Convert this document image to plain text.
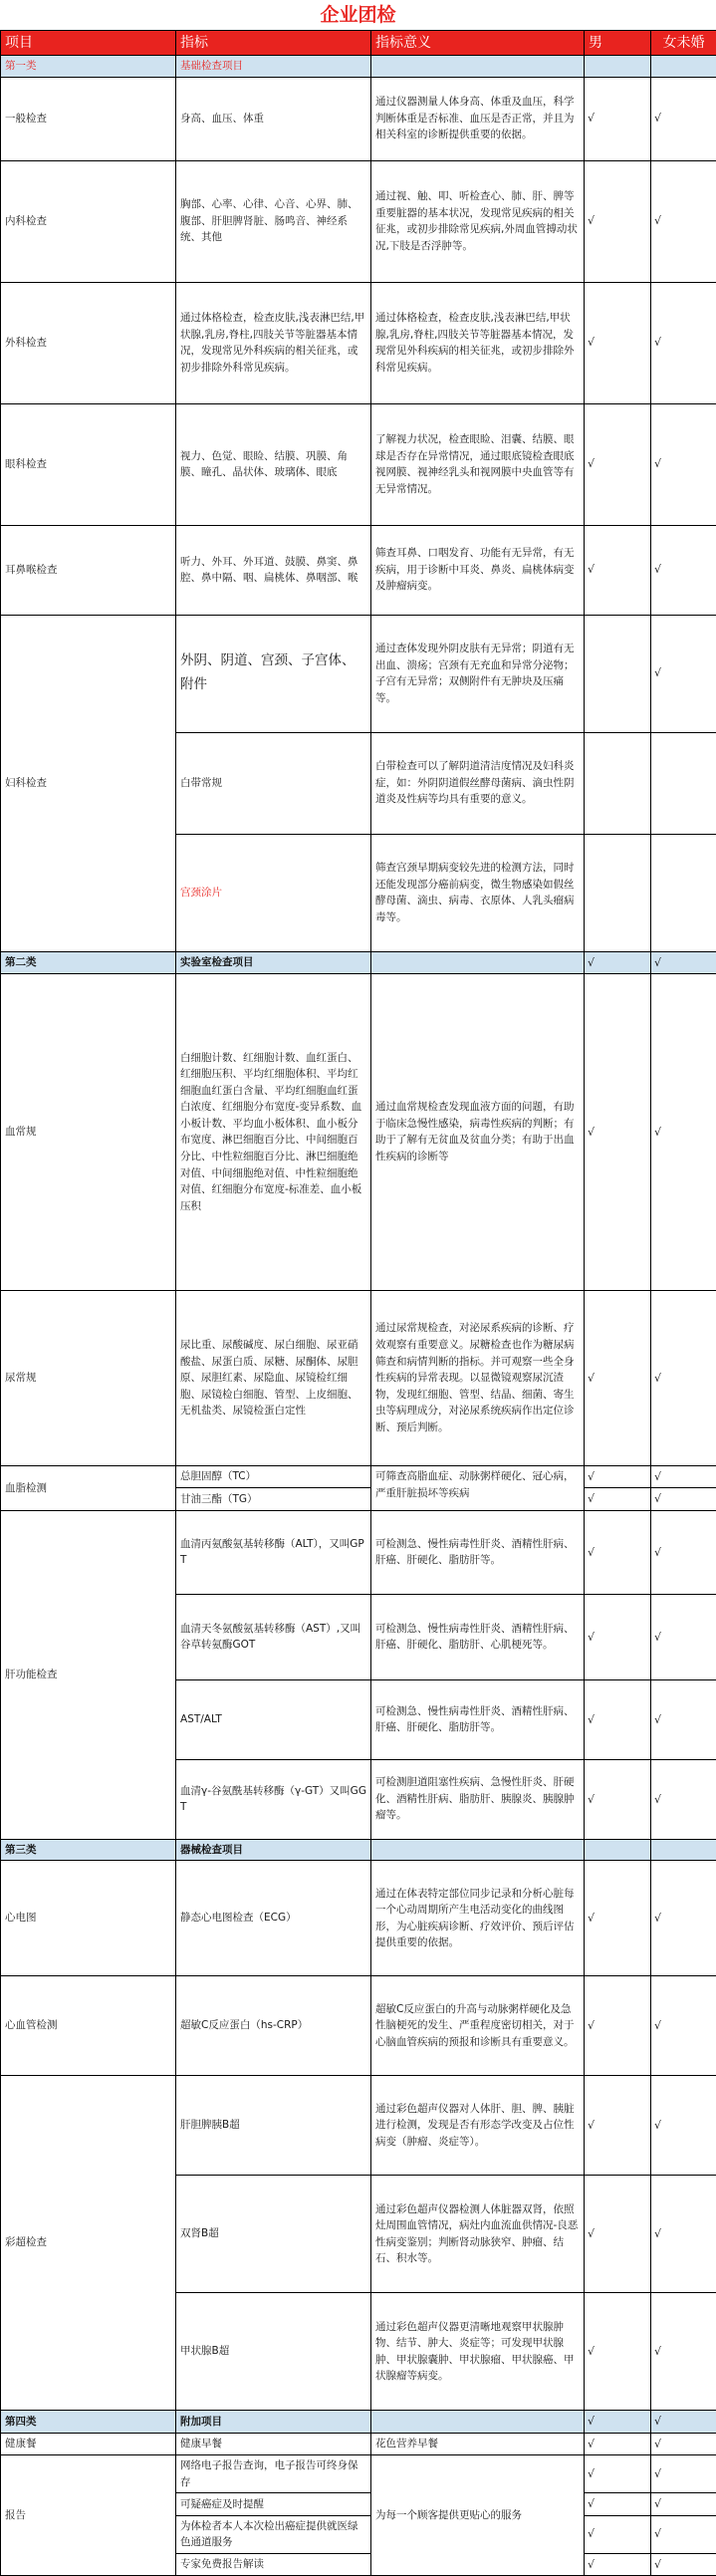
企业团检
项目	指标	指标意义	男	女未婚
第一类	基础检查项目			
一般检查	身高、血压、体重	通过仪器测量人体身高、体重及血压，科学判断体重是否标准、血压是否正常，并且为相关科室的诊断提供重要的依据。	√	√
内科检查	胸部、心率、心律、心音、心界、肺、腹部、肝胆脾肾脏、肠鸣音、神经系统、其他	通过视、触、叩、听检查心、肺、肝、脾等重要脏器的基本状况，发现常见疾病的相关征兆，或初步排除常见疾病,外周血管搏动状况,下肢是否浮肿等。	√	√
外科检查	通过体格检查，检查皮肤,浅表淋巴结,甲状腺,乳房,脊柱,四肢关节等脏器基本情况，发现常见外科疾病的相关征兆，或初步排除外科常见疾病。	通过体格检查，检查皮肤,浅表淋巴结,甲状腺,乳房,脊柱,四肢关节等脏器基本情况，发现常见外科疾病的相关征兆，或初步排除外科常见疾病。	√	√
眼科检查	视力、色觉、眼睑、结膜、巩膜、角膜、瞳孔、晶状体、玻璃体、眼底	了解视力状况，检查眼睑、泪囊、结膜、眼球是否存在异常情况，通过眼底镜检查眼底视网膜、视神经乳头和视网膜中央血管等有无异常情况。	√	√
耳鼻喉检查	听力、外耳、外耳道、鼓膜、鼻窦、鼻腔、鼻中隔、咽、扁桃体、鼻咽部、喉	筛查耳鼻、口咽发育、功能有无异常，有无疾病，用于诊断中耳炎、鼻炎、扁桃体病变及肿瘤病变。	√	√
妇科检查	外阴、阴道、宫颈、子宫体、附件	通过查体发现外阴皮肤有无异常；阴道有无出血、溃疡；宫颈有无充血和异常分泌物；子宫有无异常；双侧附件有无肿块及压痛等。		√
	白带常规	白带检查可以了解阴道清洁度情况及妇科炎症，如：外阴阴道假丝酵母菌病、滴虫性阴道炎及性病等均具有重要的意义。		
	宫颈涂片	筛查宫颈早期病变较先进的检测方法，同时还能发现部分癌前病变，微生物感染如假丝酵母菌、滴虫、病毒、衣原体、人乳头瘤病毒等。		
第二类	实验室检查项目		√	√
血常规	白细胞计数、红细胞计数、血红蛋白、红细胞压积、平均红细胞体积、平均红细胞血红蛋白含量、平均红细胞血红蛋白浓度、红细胞分布宽度-变异系数、血小板计数、平均血小板体积、血小板分布宽度、淋巴细胞百分比、中间细胞百分比、中性粒细胞百分比、淋巴细胞绝对值、中间细胞绝对值、中性粒细胞绝对值、红细胞分布宽度-标准差、血小板压积	通过血常规检查发现血液方面的问题，有助于临床急慢性感染，病毒性疾病的判断；有助于了解有无贫血及贫血分类；有助于出血性疾病的诊断等	√	√
尿常规	尿比重、尿酸碱度、尿白细胞、尿亚硝酸盐、尿蛋白质、尿糖、尿酮体、尿胆原、尿胆红素、尿隐血、尿镜检红细胞、尿镜检白细胞、管型、上皮细胞、无机盐类、尿镜检蛋白定性	通过尿常规检查，对泌尿系疾病的诊断、疗效观察有重要意义。尿糖检查也作为糖尿病筛查和病情判断的指标。并可观察一些全身性疾病的异常表现。以显微镜观察尿沉渣物，发现红细胞、管型、结晶、细菌、寄生虫等病理成分，对泌尿系统疾病作出定位诊断、预后判断。	√	√
血脂检测	总胆固醇（TC）	可筛查高脂血症、动脉粥样硬化、冠心病，严重肝脏损坏等疾病	√	√
	甘油三酯（TG）		√	√
肝功能检查	血清丙氨酸氨基转移酶（ALT），又叫GPT	可检测急、慢性病毒性肝炎、酒精性肝病、肝癌、肝硬化、脂肪肝等。	√	√
	血清天冬氨酸氨基转移酶（AST）,又叫谷草转氨酶GOT	可检测急、慢性病毒性肝炎、酒精性肝病、肝癌、肝硬化、脂肪肝、心肌梗死等。	√	√
	AST/ALT	可检测急、慢性病毒性肝炎、酒精性肝病、肝癌、肝硬化、脂肪肝等。	√	√
	血清γ-谷氨酰基转移酶（γ-GT）又叫GGT	可检测胆道阻塞性疾病、急慢性肝炎、肝硬化、酒精性肝病、脂肪肝、胰腺炎、胰腺肿瘤等。	√	√
第三类	器械检查项目			
心电图	静态心电图检查（ECG）	通过在体表特定部位同步记录和分析心脏每一个心动周期所产生电活动变化的曲线图形，为心脏疾病诊断、疗效评价、预后评估提供重要的依据。	√	√
心血管检测	超敏C反应蛋白（hs-CRP）	超敏C反应蛋白的升高与动脉粥样硬化及急性脑梗死的发生、严重程度密切相关，对于心脑血管疾病的预报和诊断具有重要意义。	√	√
彩超检查	肝胆脾胰B超	通过彩色超声仪器对人体肝、胆、脾、胰脏进行检测，发现是否有形态学改变及占位性病变（肿瘤、炎症等）。	√	√
	双肾B超	通过彩色超声仪器检测人体脏器双肾，依照灶周围血管情况，病灶内血流血供情况-良恶性病变鉴别；判断肾动脉狭窄、肿瘤、结石、积水等。	√	√
	甲状腺B超	通过彩色超声仪器更清晰地观察甲状腺肿物、结节、肿大、炎症等；可发现甲状腺肿、甲状腺囊肿、甲状腺瘤、甲状腺癌、甲状腺瘤等病变。	√	√
第四类	附加项目		√	√
健康餐	健康早餐	花色营养早餐	√	√
报告	网络电子报告查询，电子报告可终身保存	为每一个顾客提供更贴心的服务	√	√
	可疑癌症及时提醒		√	√
	为体检者本人本次检出癌症提供就医绿色通道服务		√	√
	专家免费报告解读		√	√
